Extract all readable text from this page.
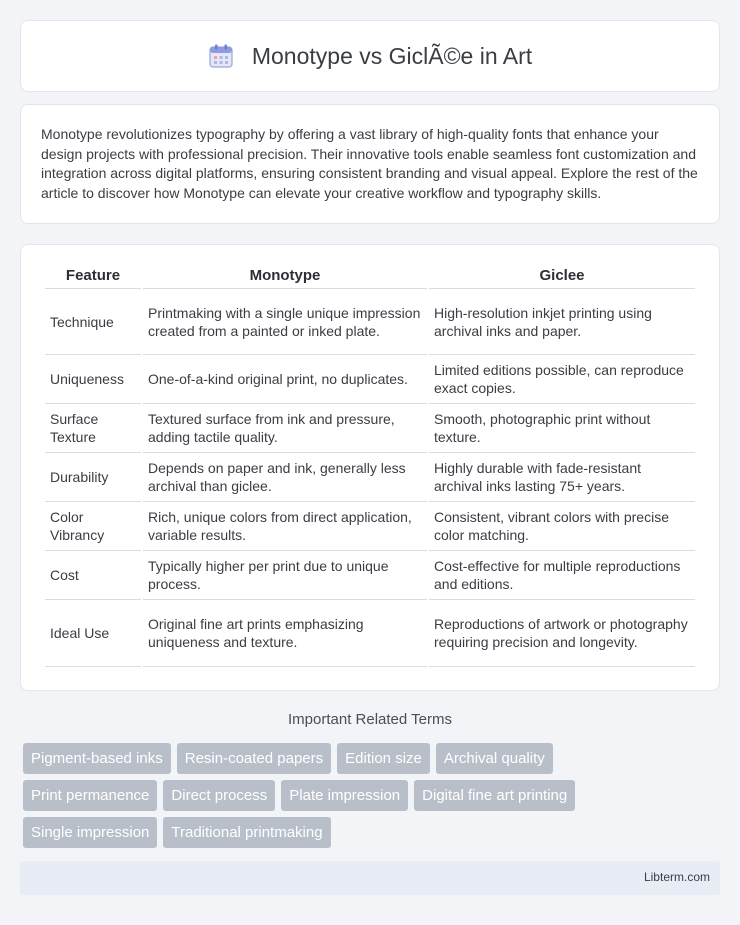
Monotype vs GiclÃ©e in Art

Monotype revolutionizes typography by offering a vast library of high-quality fonts that enhance your design projects with professional precision. Their innovative tools enable seamless font customization and integration across digital platforms, ensuring consistent branding and visual appeal. Explore the rest of the article to discover how Monotype can elevate your creative workflow and typography skills.

Feature	Monotype	Giclee
Technique	Printmaking with a single unique impression created from a painted or inked plate.	High-resolution inkjet printing using archival inks and paper.
Uniqueness	One-of-a-kind original print, no duplicates.	Limited editions possible, can reproduce exact copies.
Surface Texture	Textured surface from ink and pressure, adding tactile quality.	Smooth, photographic print without texture.
Durability	Depends on paper and ink, generally less archival than giclee.	Highly durable with fade-resistant archival inks lasting 75+ years.
Color Vibrancy	Rich, unique colors from direct application, variable results.	Consistent, vibrant colors with precise color matching.
Cost	Typically higher per print due to unique process.	Cost-effective for multiple reproductions and editions.
Ideal Use	Original fine art prints emphasizing uniqueness and texture.	Reproductions of artwork or photography requiring precision and longevity.
Important Related Terms
Pigment-based inks	Resin-coated papers	Edition size	Archival quality
Print permanence	Direct process	Plate impression	Digital fine art printing
Single impression	Traditional printmaking
Libterm.com
